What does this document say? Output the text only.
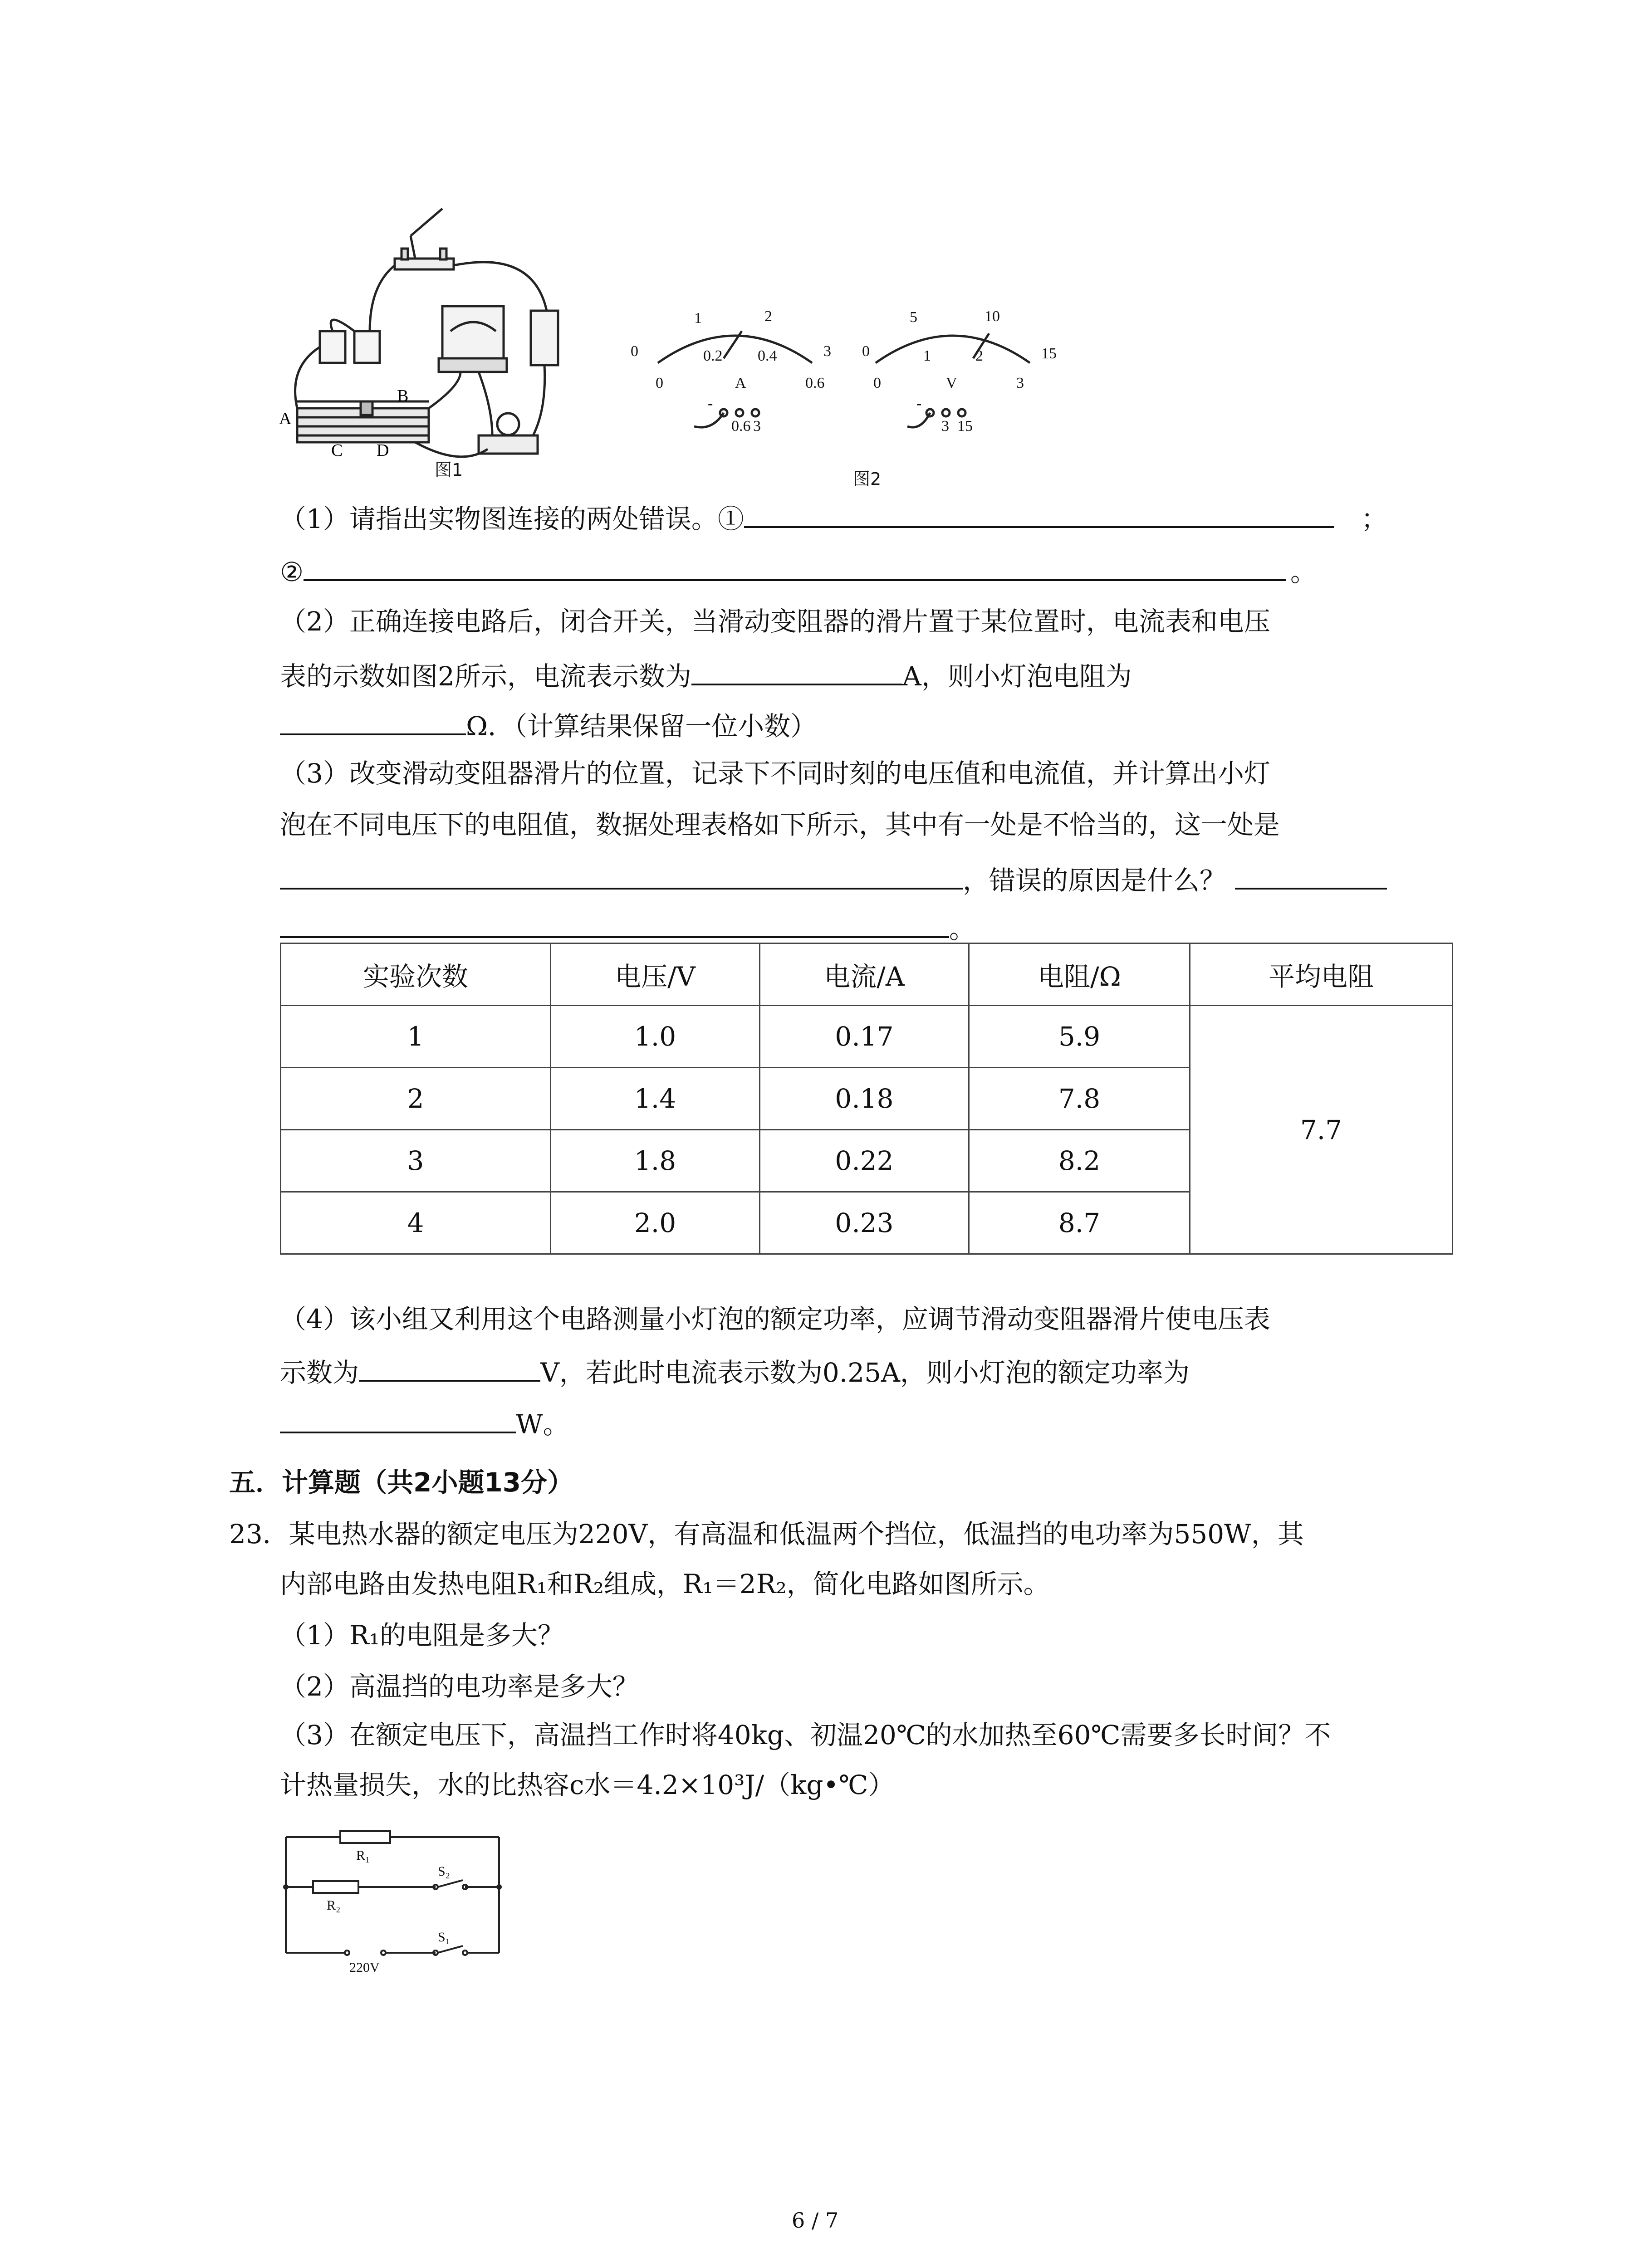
A
B
C D
图1
0
1	2
3
0
0.2 0.4
0.6
A
-
0.6 3
0
5	10
15
0
1	2
3
V
-
3 15
图2
（1）请指出实物图连接的两处错误。①	；
②	。
（2）正确连接电路后，闭合开关，当滑动变阻器的滑片置于某位置时，电流表和电压
表的示数如图2所示，电流表示数为	A，则小灯泡电阻为
Ω．（计算结果保留一位小数）
（3）改变滑动变阻器滑片的位置，记录下不同时刻的电压值和电流值，并计算出小灯
泡在不同电压下的电阻值，数据处理表格如下所示，其中有一处是不恰当的，这一处是
，错误的原因是什么？
。
实验次数	电压/V	电流/A	电阻/Ω	平均电阻
1	1.0	0.17	5.9	7.7
2	1.4	0.18	7.8	
3	1.8	0.22	8.2	
4	2.0	0.23	8.7	
（4）该小组又利用这个电路测量小灯泡的额定功率，应调节滑动变阻器滑片使电压表
示数为	V，若此时电流表示数为0.25A，则小灯泡的额定功率为
W。
五．计算题（共2小题13分）
23．某电热水器的额定电压为220V，有高温和低温两个挡位，低温挡的电功率为550W，其
内部电路由发热电阻R₁和R₂组成，R₁＝2R₂，简化电路如图所示。
（1）R₁的电阻是多大？
（2）高温挡的电功率是多大？
（3）在额定电压下，高温挡工作时将40kg、初温20℃的水加热至60℃需要多长时间？不
计热量损失，水的比热容c水＝4.2×10³J/（kg•℃）
R₁
R₂
S₂
S₁
220V
6 / 7
